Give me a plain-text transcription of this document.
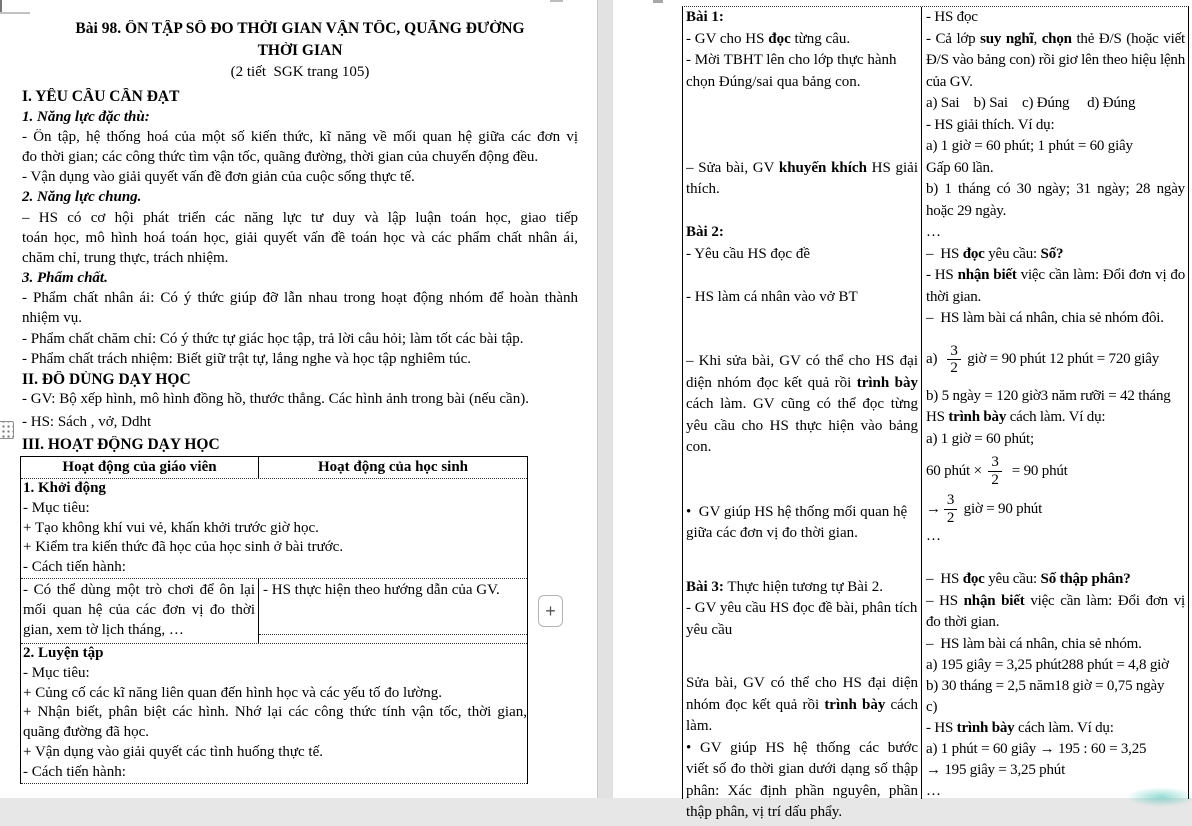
Bài 98. ÔN TẬP SỐ ĐO THỜI GIAN VẬN TỐC, QUÃNG ĐƯỜNG
THỜI GIAN
(2 tiết  SGK trang 105)
I. YÊU CẦU CẦN ĐẠT
1. Năng lực đặc thù:
- Ôn tập, hệ thống hoá của một số kiến thức, kĩ năng về mối quan hệ giữa các đơn vị
đo thời gian; các công thức tìm vận tốc, quãng đường, thời gian của chuyển động đều.
- Vận dụng vào giải quyết vấn đề đơn giản của cuộc sống thực tế.
2. Năng lực chung.
– HS có cơ hội phát triển các năng lực tư duy và lập luận toán học, giao tiếp
toán học, mô hình hoá toán học, giải quyết vấn đề toán học và các phẩm chất nhân ái,
chăm chỉ, trung thực, trách nhiệm.
3. Phẩm chất.
- Phẩm chất nhân ái: Có ý thức giúp đỡ lẫn nhau trong hoạt động nhóm để hoàn thành
nhiệm vụ.
- Phẩm chất chăm chỉ: Có ý thức tự giác học tập, trả lời câu hỏi; làm tốt các bài tập.
- Phẩm chất trách nhiệm: Biết giữ trật tự, lắng nghe và học tập nghiêm túc.
II. ĐỒ DÙNG DẠY HỌC
- GV: Bộ xếp hình, mô hình đồng hồ, thước thẳng. Các hình ảnh trong bài (nếu cần).
- HS: Sách , vở, Ddht
III. HOẠT ĐỘNG DẠY HỌC
Hoạt động của giáo viên	Hoạt động của học sinh
1. Khởi động
- Mục tiêu:
+ Tạo không khí vui vẻ, khấn khởi trước giờ học.
+ Kiểm tra kiến thức đã học của học sinh ở bài trước.
- Cách tiến hành:
- Có thể dùng một trò chơi để ôn lại
mối quan hệ của các đơn vị đo thời
gian, xem tờ lịch tháng, …
- HS thực hiện theo hướng dẫn của GV.
2. Luyện tập
- Mục tiêu:
+ Củng cố các kĩ năng liên quan đến hình học và các yếu tố đo lường.
+ Nhận biết, phân biệt các hình. Nhớ lại các công thức tính vận tốc, thời gian,
quãng đường đã học.
+ Vận dụng vào giải quyết các tình huống thực tế.
- Cách tiến hành:
Bài 1:
- GV cho HS đọc từng câu.
- Mời TBHT lên cho lớp thực hành
chọn Đúng/sai qua bảng con.
– Sửa bài, GV khuyến khích HS giải
thích.
Bài 2:
- Yêu cầu HS đọc đề
- HS làm cá nhân vào vở BT
– Khi sửa bài, GV có thể cho HS đại
diện nhóm đọc kết quả rồi trình bày
cách làm. GV cũng có thể đọc từng
yêu cầu cho HS thực hiện vào bảng
con.
•  GV giúp HS hệ thống mối quan hệ
giữa các đơn vị đo thời gian.
Bài 3: Thực hiện tương tự Bài 2.
- GV yêu cầu HS đọc đề bài, phân tích
yêu cầu
Sửa bài, GV có thể cho HS đại diện
nhóm đọc kết quả rồi trình bày cách
làm.
• GV giúp HS hệ thống các bước
viết số đo thời gian dưới dạng số thập
phân: Xác định phần nguyên, phần
thập phân, vị trí dấu phẩy.
- HS đọc
- Cả lớp suy nghĩ, chọn thẻ Đ/S (hoặc viết
Đ/S vào bảng con) rồi giơ lên theo hiệu lệnh
của GV.
a) Sai    b) Sai    c) Đúng     d) Đúng
- HS giải thích. Ví dụ:
a) 1 giờ = 60 phút; 1 phút = 60 giây
Gấp 60 lần.
b) 1 tháng có 30 ngày; 31 ngày; 28 ngày
hoặc 29 ngày.
…
–  HS đọc yêu cầu: Số?
- HS nhận biết việc cần làm: Đổi đơn vị đo
thời gian.
–  HS làm bài cá nhân, chia sẻ nhóm đôi.
$a) \frac{3}{2}$ giờ = 90 phút 12 phút = 720 giây
b) 5 ngày = 120 giờ3 năm rưỡi = 42 tháng
HS trình bày cách làm. Ví dụ:
a) 1 giờ = 60 phút;
60 phút × $\frac{3}{2} = 90$ phút
→ $\frac{3}{2}$ giờ = 90 phút
…
–  HS đọc yêu cầu: Số thập phân?
– HS nhận biết việc cần làm: Đổi đơn vị
đo thời gian.
–  HS làm bài cá nhân, chia sẻ nhóm.
a) 195 giây = 3,25 phút288 phút = 4,8 giờ
b) 30 tháng = 2,5 năm18 giờ = 0,75 ngày
c)
- HS trình bày cách làm. Ví dụ:
a) 1 phút = 60 giây → 195 : 60 = 3,25
→ 195 giây = 3,25 phút
…
+
